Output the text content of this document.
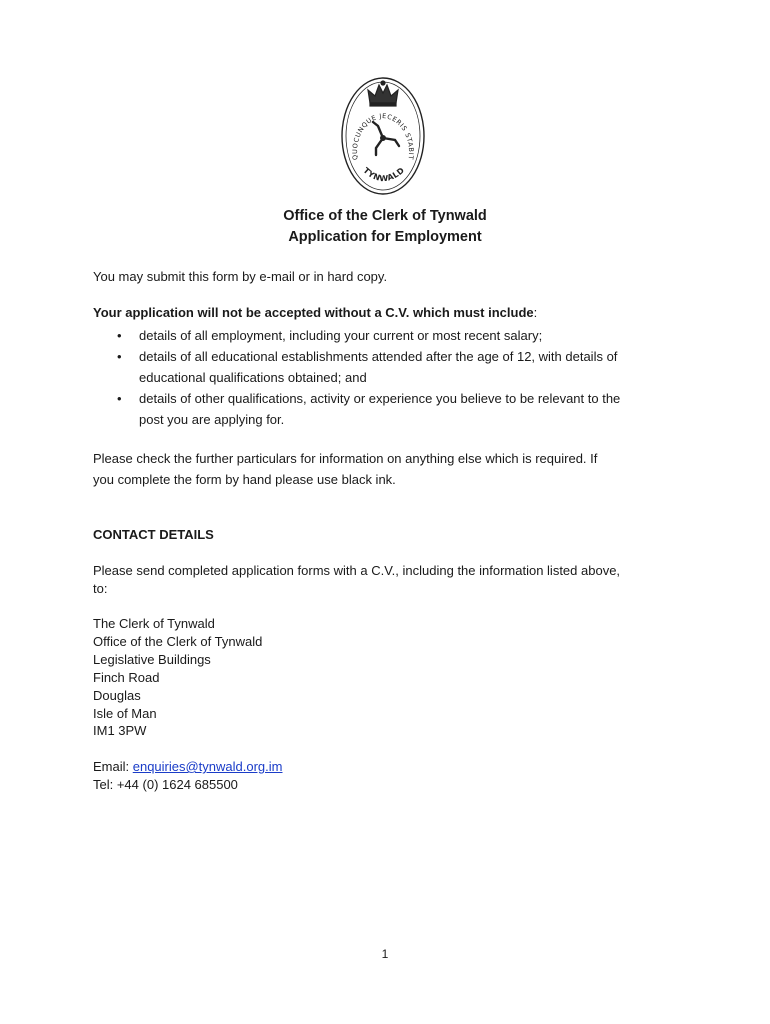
QUOCUNQUE JECERIS STABIT
TYNWALD
Office of the Clerk of Tynwald
Application for Employment
You may submit this form by e-mail or in hard copy.
Your application will not be accepted without a C.V. which must include:
• details of all employment, including your current or most recent salary;
• details of all educational establishments attended after the age of 12, with details of
educational qualifications obtained; and
• details of other qualifications, activity or experience you believe to be relevant to the
post you are applying for.
Please check the further particulars for information on anything else which is required. If
you complete the form by hand please use black ink.
CONTACT DETAILS
Please send completed application forms with a C.V., including the information listed above,
to:
The Clerk of Tynwald
Office of the Clerk of Tynwald
Legislative Buildings
Finch Road
Douglas
Isle of Man
IM1 3PW
Email: enquiries@tynwald.org.im
Tel: +44 (0) 1624 685500
1
